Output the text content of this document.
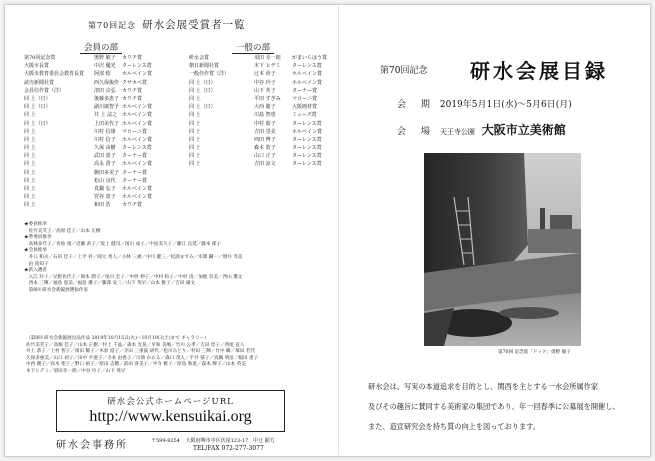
第70回記念 研水会展受賞者一覧
会員の部	一般の部
第70回記念賞	奥野 敏子 カワチ賞	研水会賞	須田 幸一朗 がまいらはう賞
大阪市長賞	中沢 優光 ターレンス賞	朝日新聞社賞	木下 ヒデミ ターレンス賞
大阪市教育委員会教育長賞 阿部 稔 ホルベイン賞	一般佳作賞（洋）	辻本 尚子	ホルベイン賞
読売新聞社賞	西久保俊作 クサカベ賞	同 上（日）	中谷 玲子	ホルベイン賞
会員住作賞（洋）	清田 宗弘 カワチ賞	同 上（日）	山下 英子	ターナー賞
同 上（日）	後藤多恵子 カワチ賞	同 上	平田 すぎみ マローニ賞
同 上（日）	副川廣智予 ホルベイン賞	同 上（日）	大西 龍子	大阪画材賞
同 上	井 上 法之 ホルベイン賞	同 上	川島 智恵	ミューズ賞
同 上（日）	上田美代子 ホルベイン賞	同 上	中村 昭子	ターレンス賞
同 上	川村 信雄 マローニ賞	同 上	吉田 里美	ホルベイン賞
同 上	川村 信子 ホルベイン賞	同 上	西田 博子	ターレンス賞
同 上	久保 由樹 ターレンス賞	同 上	森本 敦子	ターレンス賞
同 上	武田 恵子 ターナー賞	同 上	山口 正子	ターレンス賞
同 上	高永 貴子 ホルベイン賞	同 上	吉田 涼文	ターレンス賞
同 上	駒田多美子 ターナー賞
同 上	松山 良代 ターナー賞
同 上	真鍋 弘子 ホルベイン賞
同 上	宮谷 恵子 ホルベイン賞
同 上	和田 浩 カワチ賞
★委員推挙
　佐竹美笑子／高原 佳子／山本 正樹
★準委員推挙
　高林多代子／杏仙 康／近藤 武子／坂上 健司／国川 成子／中島美久子／藤江 良延／藤本 郁子
★会員推挙
　井口 和夫／石田 佳子／上平 祥／岡元 秀人／小林 三惠／中川 健三／松浦まずみ／水間 鋼一／増井 寿美
　由 真知子
★新入選者
　入江 玲子／兄野佐代子／岡本 潤子／尾川 宏子／中西 伸子／中村 和子／中村 清／加地 奈美／西山 薫文
　西本 三輝／福島 恵美／福島 優子／藤澤 安三／山下 英早／山本 雅子／吉田 満文
　第8回 研水会新鋭展選抜作家
（第8回 研水会新鋭展出品作品 2019年10月15日(火)〜10月19日(土)まで ギャラリー）
佐竹美笑子／高堀 佳子／山本 正樹／村上 千晶／森本 光晃／早和 美嶋／竹川 公孝／吉田 淳子／西尾 直人
井上 恭子／上村 智子／岡田 稀子／木原 澄子／寺田 三重波 胡代／松川みどり／村田 三輝／竹中 瞬／塚田 若代
久保多惠美／山口 初子／田中 平亜子／寺本 由香子／川端 かおる／森口 茂人／平井 郁子／真鍋 明彦／幅田 達子
中西 優子／高木 聖子／野口 裕子／原田 志穂／前田 喜美子／中寺 雅子／原島 和恵／森本 輝子／山本 英美
木下ヒデミ／須田幸一朗／中谷 玲子／山下 英早
研水会公式ホームページURL
http://www.kensuikai.org
研水会事務所	〒599-8254 大阪府堺市中区伏尾123-17　中辻 顕方
TEL/FAX 072-277-3077
第70回記念 研水会展目録
会 期 2019年5月1日(水)〜5月6日(月)
会 場 天王寺公園 大阪市立美術館
第70回 記念賞「ドック」奥野 敏子

研水会は、写実の本道追求を目的とし、関西を主とする一水会所属作家

及びその趣旨に賛同する美術家の集団であり、年一回春季に公募展を開催し、

また、造宣研究会を持ち質の向上を図っております。
